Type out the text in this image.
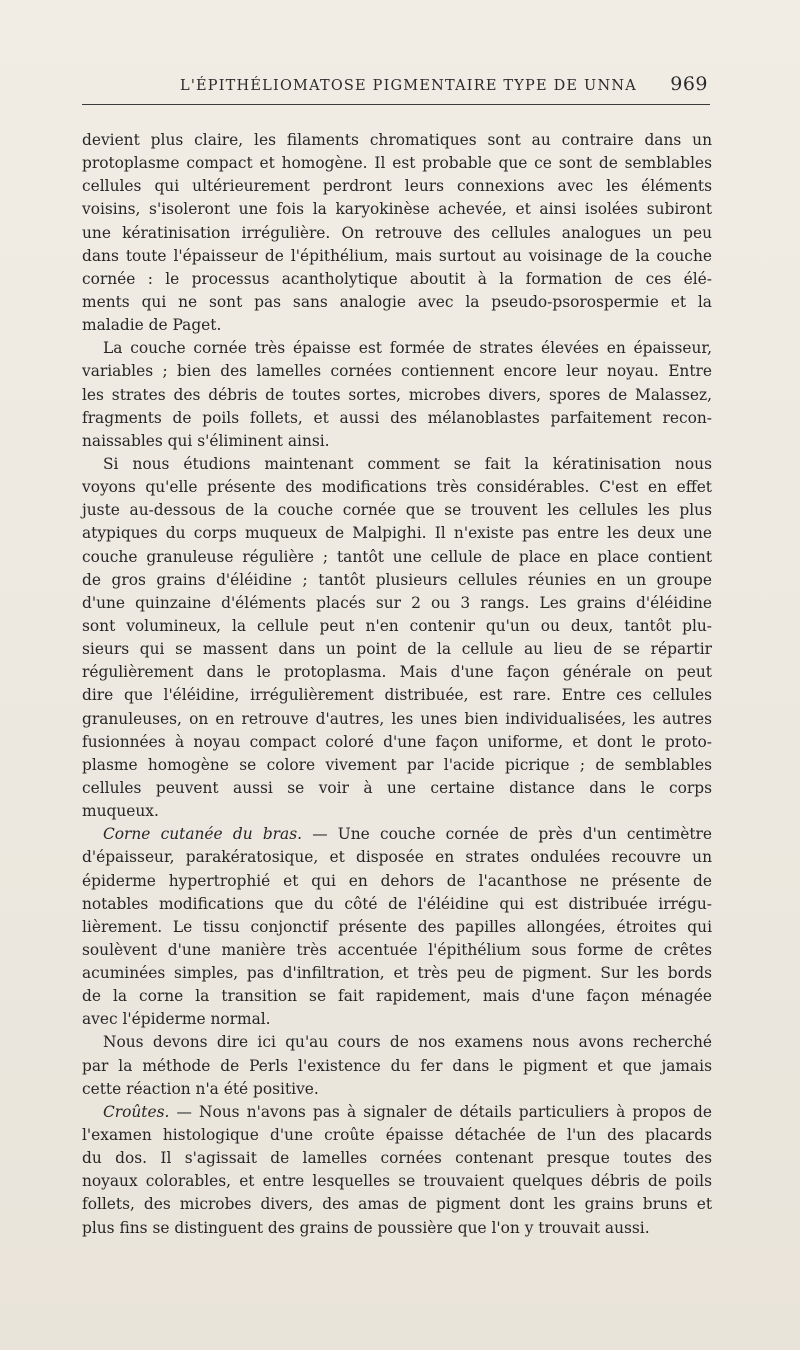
L'ÉPITHÉLIOMATOSE PIGMENTAIRE TYPE DE UNNA 969
devient plus claire, les filaments chromatiques sont au contraire dans un
protoplasme compact et homogène. Il est probable que ce sont de semblables
cellules qui ultérieurement perdront leurs connexions avec les éléments
voisins, s'isoleront une fois la karyokinèse achevée, et ainsi isolées subiront
une kératinisation irrégulière. On retrouve des cellules analogues un peu
dans toute l'épaisseur de l'épithélium, mais surtout au voisinage de la couche
cornée : le processus acantholytique aboutit à la formation de ces élé-
ments qui ne sont pas sans analogie avec la pseudo-psorospermie et la
maladie de Paget.
La couche cornée très épaisse est formée de strates élevées en épaisseur,
variables ; bien des lamelles cornées contiennent encore leur noyau. Entre
les strates des débris de toutes sortes, microbes divers, spores de Malassez,
fragments de poils follets, et aussi des mélanoblastes parfaitement recon-
naissables qui s'éliminent ainsi.
Si nous étudions maintenant comment se fait la kératinisation nous
voyons qu'elle présente des modifications très considérables. C'est en effet
juste au-dessous de la couche cornée que se trouvent les cellules les plus
atypiques du corps muqueux de Malpighi. Il n'existe pas entre les deux une
couche granuleuse régulière ; tantôt une cellule de place en place contient
de gros grains d'éléidine ; tantôt plusieurs cellules réunies en un groupe
d'une quinzaine d'éléments placés sur 2 ou 3 rangs. Les grains d'éléidine
sont volumineux, la cellule peut n'en contenir qu'un ou deux, tantôt plu-
sieurs qui se massent dans un point de la cellule au lieu de se répartir
régulièrement dans le protoplasma. Mais d'une façon générale on peut
dire que l'éléidine, irrégulièrement distribuée, est rare. Entre ces cellules
granuleuses, on en retrouve d'autres, les unes bien individualisées, les autres
fusionnées à noyau compact coloré d'une façon uniforme, et dont le proto-
plasme homogène se colore vivement par l'acide picrique ; de semblables
cellules peuvent aussi se voir à une certaine distance dans le corps
muqueux.
Corne cutanée du bras. — Une couche cornée de près d'un centimètre
d'épaisseur, parakératosique, et disposée en strates ondulées recouvre un
épiderme hypertrophié et qui en dehors de l'acanthose ne présente de
notables modifications que du côté de l'éléidine qui est distribuée irrégu-
lièrement. Le tissu conjonctif présente des papilles allongées, étroites qui
soulèvent d'une manière très accentuée l'épithélium sous forme de crêtes
acuminées simples, pas d'infiltration, et très peu de pigment. Sur les bords
de la corne la transition se fait rapidement, mais d'une façon ménagée
avec l'épiderme normal.
Nous devons dire ici qu'au cours de nos examens nous avons recherché
par la méthode de Perls l'existence du fer dans le pigment et que jamais
cette réaction n'a été positive.
Croûtes. — Nous n'avons pas à signaler de détails particuliers à propos de
l'examen histologique d'une croûte épaisse détachée de l'un des placards
du dos. Il s'agissait de lamelles cornées contenant presque toutes des
noyaux colorables, et entre lesquelles se trouvaient quelques débris de poils
follets, des microbes divers, des amas de pigment dont les grains bruns et
plus fins se distinguent des grains de poussière que l'on y trouvait aussi.
